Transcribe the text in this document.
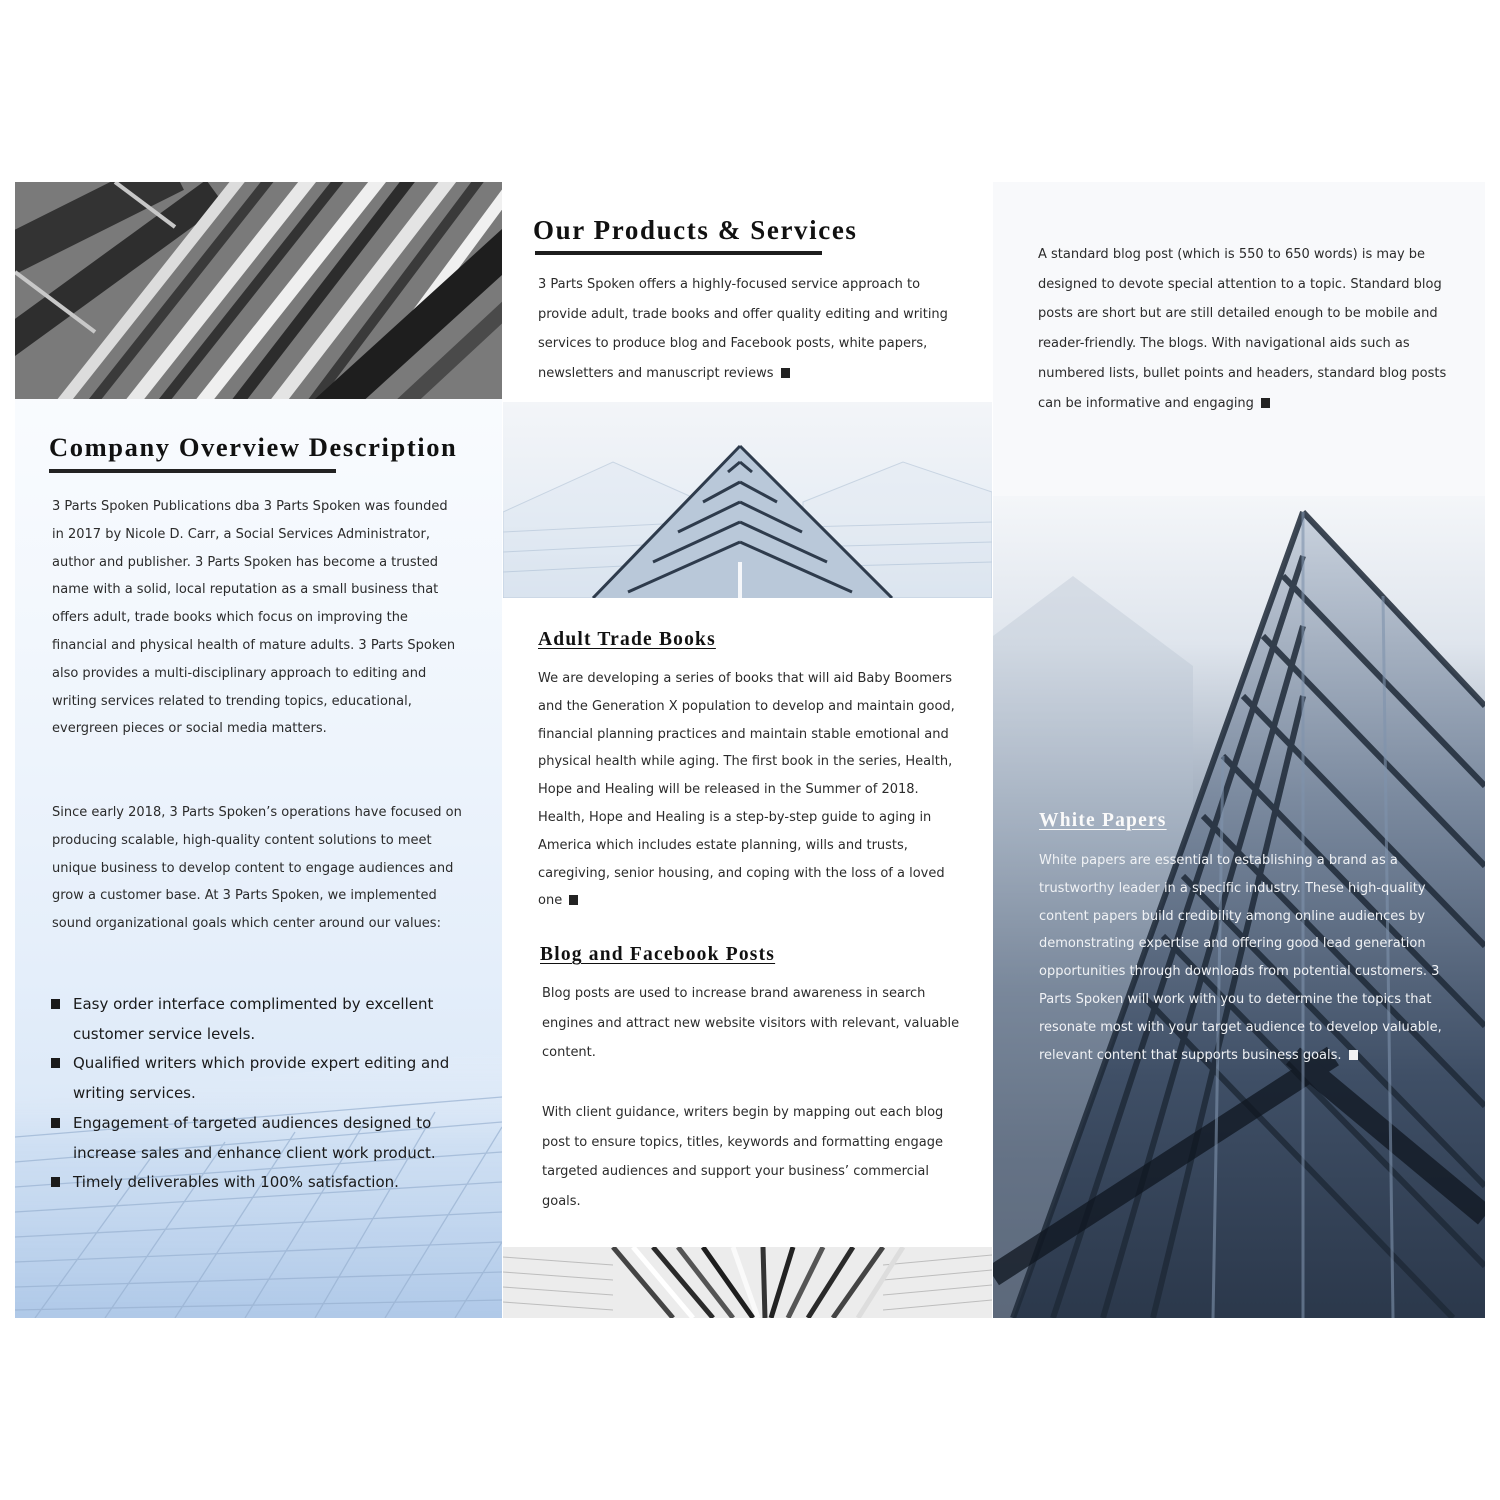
Company Overview Description

3 Parts Spoken Publications dba 3 Parts Spoken was founded in 2017 by Nicole D. Carr, a Social Services Administrator, author and publisher. 3 Parts Spoken has become a trusted name with a solid, local reputation as a small business that offers adult, trade books which focus on improving the financial and physical health of mature adults. 3 Parts Spoken also provides a multi-disciplinary approach to editing and writing services related to trending topics, educational, evergreen pieces or social media matters.

Since early 2018, 3 Parts Spoken’s operations have focused on producing scalable, high-quality content solutions to meet unique business to develop content to engage audiences and grow a customer base. At 3 Parts Spoken, we implemented sound organizational goals which center around our values:

Easy order interface complimented by excellent customer service levels.
Qualified writers which provide expert editing and writing services.
Engagement of targeted audiences designed to increase sales and enhance client work product.
Timely deliverables with 100% satisfaction.
Our Products & Services

3 Parts Spoken offers a highly-focused service approach to provide adult, trade books and offer quality editing and writing services to produce blog and Facebook posts, white papers, newsletters and manuscript reviews

Adult Trade Books

We are developing a series of books that will aid Baby Boomers and the Generation X population to develop and maintain good, financial planning practices and maintain stable emotional and physical health while aging. The first book in the series, Health, Hope and Healing will be released in the Summer of 2018. Health, Hope and Healing is a step-by-step guide to aging in America which includes estate planning, wills and trusts, caregiving, senior housing, and coping with the loss of a loved one

Blog and Facebook Posts

Blog posts are used to increase brand awareness in search engines and attract new website visitors with relevant, valuable content.

With client guidance, writers begin by mapping out each blog post to ensure topics, titles, keywords and formatting engage targeted audiences and support your business’ commercial goals.

A standard blog post (which is 550 to 650 words) is may be designed to devote special attention to a topic. Standard blog posts are short but are still detailed enough to be mobile and reader-friendly. The blogs. With navigational aids such as numbered lists, bullet points and headers, standard blog posts can be informative and engaging

White Papers

White papers are essential to establishing a brand as a trustworthy leader in a specific industry. These high-quality content papers build credibility among online audiences by demonstrating expertise and offering good lead generation opportunities through downloads from potential customers. 3 Parts Spoken will work with you to determine the topics that resonate most with your target audience to develop valuable, relevant content that supports business goals.
